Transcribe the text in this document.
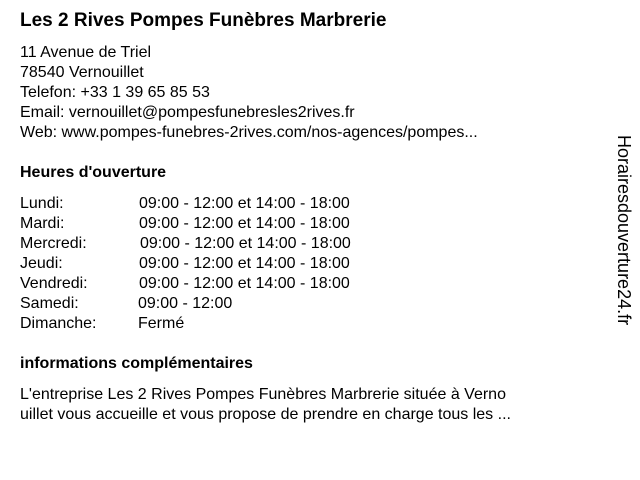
Les 2 Rives Pompes Funèbres Marbrerie
11 Avenue de Triel
78540 Vernouillet
Telefon: +33 1 39 65 85 53
Email: vernouillet@pompesfunebresles2rives.fr
Web: www.pompes-funebres-2rives.com/nos-agences/pompes...
Heures d'ouverture
Lundi:	09:00 - 12:00 et 14:00 - 18:00
Mardi:	09:00 - 12:00 et 14:00 - 18:00
Mercredi:	09:00 - 12:00 et 14:00 - 18:00
Jeudi:	09:00 - 12:00 et 14:00 - 18:00
Vendredi:	09:00 - 12:00 et 14:00 - 18:00
Samedi:	09:00 - 12:00
Dimanche:	Fermé
informations complémentaires
L'entreprise Les 2 Rives Pompes Funèbres Marbrerie située à Verno
uillet vous accueille et vous propose de prendre en charge tous les ...
Horairesdouverture24.fr
